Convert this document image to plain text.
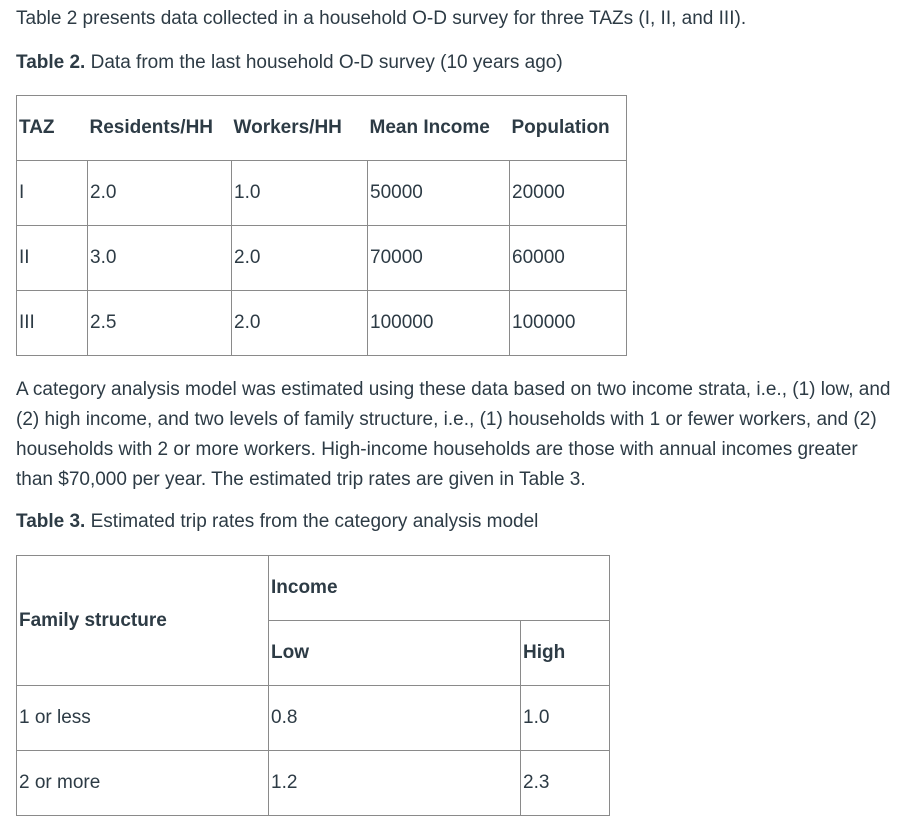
Table 2 presents data collected in a household O-D survey for three TAZs (I, II, and III).

Table 2. Data from the last household O-D survey (10 years ago)

TAZ	Residents/HH	Workers/HH	Mean Income	Population
I	2.0	1.0	50000	20000
II	3.0	2.0	70000	60000
III	2.5	2.0	100000	100000

A category analysis model was estimated using these data based on two income strata, i.e., (1) low, and (2) high income, and two levels of family structure, i.e., (1) households with 1 or fewer workers, and (2) households with 2 or more workers. High-income households are those with annual incomes greater than $70,000 per year. The estimated trip rates are given in Table 3.

Table 3. Estimated trip rates from the category analysis model

Family structure	Income	
	Low	High
1 or less	0.8	1.0
2 or more	1.2	2.3
